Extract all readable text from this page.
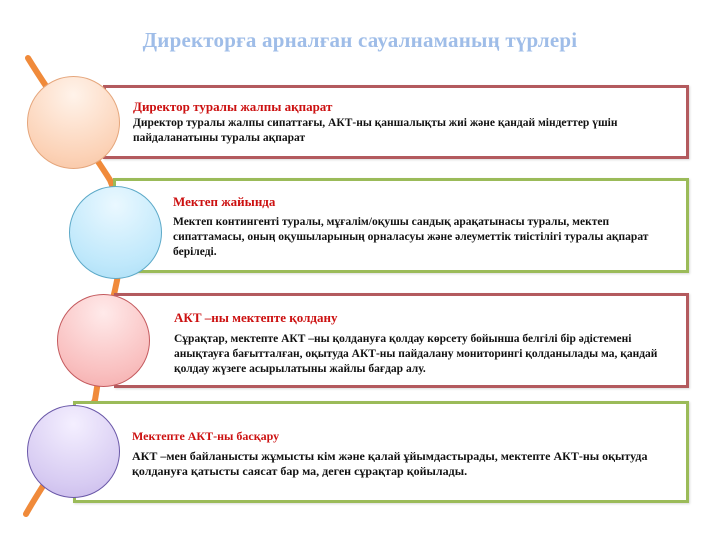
Директорға арналған сауалнаманың түрлері
Директор туралы жалпы ақпарат
Директор туралы жалпы сипаттағы, АКТ-ны қаншалықты жиі және қандай міндеттер үшін пайдаланатыны туралы ақпарат
Мектеп жайында
Мектеп контингенті туралы, мұғалім/оқушы сандық арақатынасы туралы, мектеп сипаттамасы, оның оқушыларының орналасуы және әлеуметтік тиістілігі туралы ақпарат беріледі.
АКТ –ны мектепте қолдану
Сұрақтар, мектепте АКТ –ны қолдануға қолдау көрсету бойынша белгілі бір әдістемені анықтауға бағытталған, оқытуда АКТ-ны пайдалану мониторингі қолданылады ма, қандай қолдау жүзеге асырылатыны жайлы бағдар алу.
Мектепте АКТ-ны басқару
АКТ –мен байланысты жұмысты кім және қалай ұйымдастырады, мектепте АКТ-ны оқытуда қолдануға қатысты саясат бар ма, деген сұрақтар қойылады.
